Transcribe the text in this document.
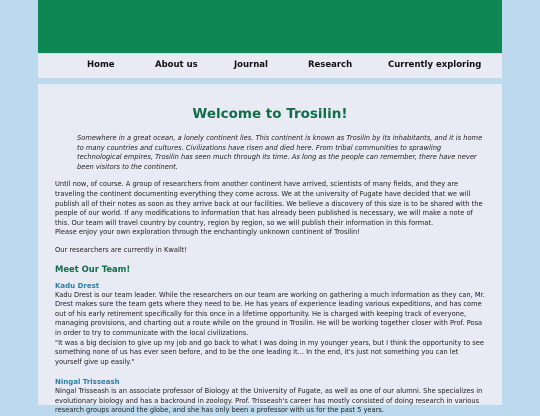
Home	About us	Journal	Research	Currently exploring
Welcome to Trosilin!

Somewhere in a great ocean, a lonely continent lies. This continent is known as Trosilin by its inhabitants, and it is home to many countries and cultures. Civilizations have risen and died here. From tribal communities to sprawling technological empires, Trosilin has seen much through its time. As long as the people can remember, there have never been visitors to the continent.

Until now, of course. A group of researchers from another continent have arrived, scientists of many fields, and they are traveling the continent documenting everything they come across. We at the university of Fugate have decided that we will publish all of their notes as soon as they arrive back at our facilities. We believe a discovery of this size is to be shared with the people of our world. If any modifications to information that has already been published is necessary, we will make a note of this. Our team will travel country by country, region by region, so we will publish their information in this format.

Please enjoy your own exploration through the enchantingly unknown continent of Trosilin!

Our researchers are currently in Kwallt!

Meet Our Team!
Kadu Drest

Kadu Drest is our team leader. While the researchers on our team are working on gathering a much information as they can, Mr. Drest makes sure the team gets where they need to be. He has years of experience leading various expeditions, and has come out of his early retirement specifically for this once in a lifetime opportunity. He is charged with keeping track of everyone, managing provisions, and charting out a route while on the ground in Trosilin. He will be working together closer with Prof. Posa in order to try to communicate with the local civilizations.

"It was a big decision to give up my job and go back to what I was doing in my younger years, but I think the opportunity to see something none of us has ever seen before, and to be the one leading it... In the end, it's just not something you can let yourself give up easily."

Ningal Trisseash

Ningal Trisseash is an associate professor of Biology at the University of Fugate, as well as one of our alumni. She specializes in evolutionary biology and has a backround in zoology. Prof. Trisseash's career has mostly consisted of doing research in various research groups around the globe, and she has only been a professor with us for the past 5 years.
